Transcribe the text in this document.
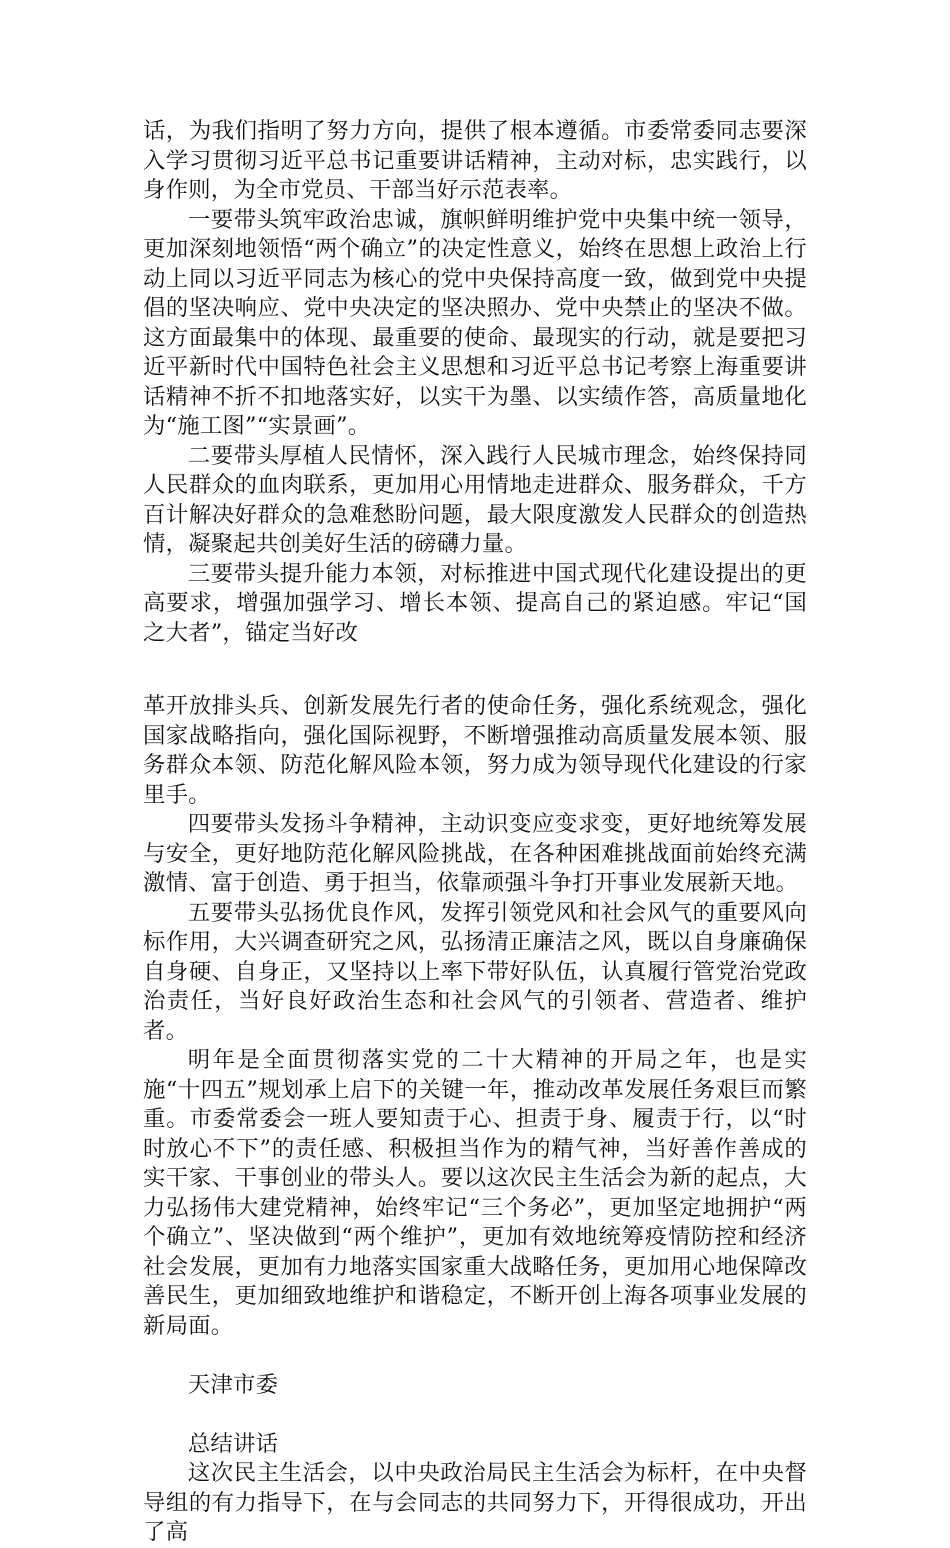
话，为我们指明了努力方向，提供了根本遵循。市委常委同志要深入学习贯彻习近平总书记重要讲话精神，主动对标，忠实践行，以身作则，为全市党员、干部当好示范表率。

一要带头筑牢政治忠诚，旗帜鲜明维护党中央集中统一领导，更加深刻地领悟“两个确立”的决定性意义，始终在思想上政治上行动上同以习近平同志为核心的党中央保持高度一致，做到党中央提倡的坚决响应、党中央决定的坚决照办、党中央禁止的坚决不做。这方面最集中的体现、最重要的使命、最现实的行动，就是要把习近平新时代中国特色社会主义思想和习近平总书记考察上海重要讲话精神不折不扣地落实好，以实干为墨、以实绩作答，高质量地化为“施工图”“实景画”。

二要带头厚植人民情怀，深入践行人民城市理念，始终保持同人民群众的血肉联系，更加用心用情地走进群众、服务群众，千方百计解决好群众的急难愁盼问题，最大限度激发人民群众的创造热情，凝聚起共创美好生活的磅礴力量。

三要带头提升能力本领，对标推进中国式现代化建设提出的更高要求，增强加强学习、增长本领、提高自己的紧迫感。牢记“国之大者”，锚定当好改

革开放排头兵、创新发展先行者的使命任务，强化系统观念，强化国家战略指向，强化国际视野，不断增强推动高质量发展本领、服务群众本领、防范化解风险本领，努力成为领导现代化建设的行家里手。

四要带头发扬斗争精神，主动识变应变求变，更好地统筹发展与安全，更好地防范化解风险挑战，在各种困难挑战面前始终充满激情、富于创造、勇于担当，依靠顽强斗争打开事业发展新天地。

五要带头弘扬优良作风，发挥引领党风和社会风气的重要风向标作用，大兴调查研究之风，弘扬清正廉洁之风，既以自身廉确保自身硬、自身正，又坚持以上率下带好队伍，认真履行管党治党政治责任，当好良好政治生态和社会风气的引领者、营造者、维护者。

明年是全面贯彻落实党的二十大精神的开局之年，也是实施“十四五”规划承上启下的关键一年，推动改革发展任务艰巨而繁重。市委常委会一班人要知责于心、担责于身、履责于行，以“时时放心不下”的责任感、积极担当作为的精气神，当好善作善成的实干家、干事创业的带头人。要以这次民主生活会为新的起点，大力弘扬伟大建党精神，始终牢记“三个务必”，更加坚定地拥护“两个确立”、坚决做到“两个维护”，更加有效地统筹疫情防控和经济社会发展，更加有力地落实国家重大战略任务，更加用心地保障改善民生，更加细致地维护和谐稳定，不断开创上海各项事业发展的新局面。

天津市委

总结讲话

这次民主生活会，以中央政治局民主生活会为标杆，在中央督导组的有力指导下，在与会同志的共同努力下，开得很成功，开出了高
